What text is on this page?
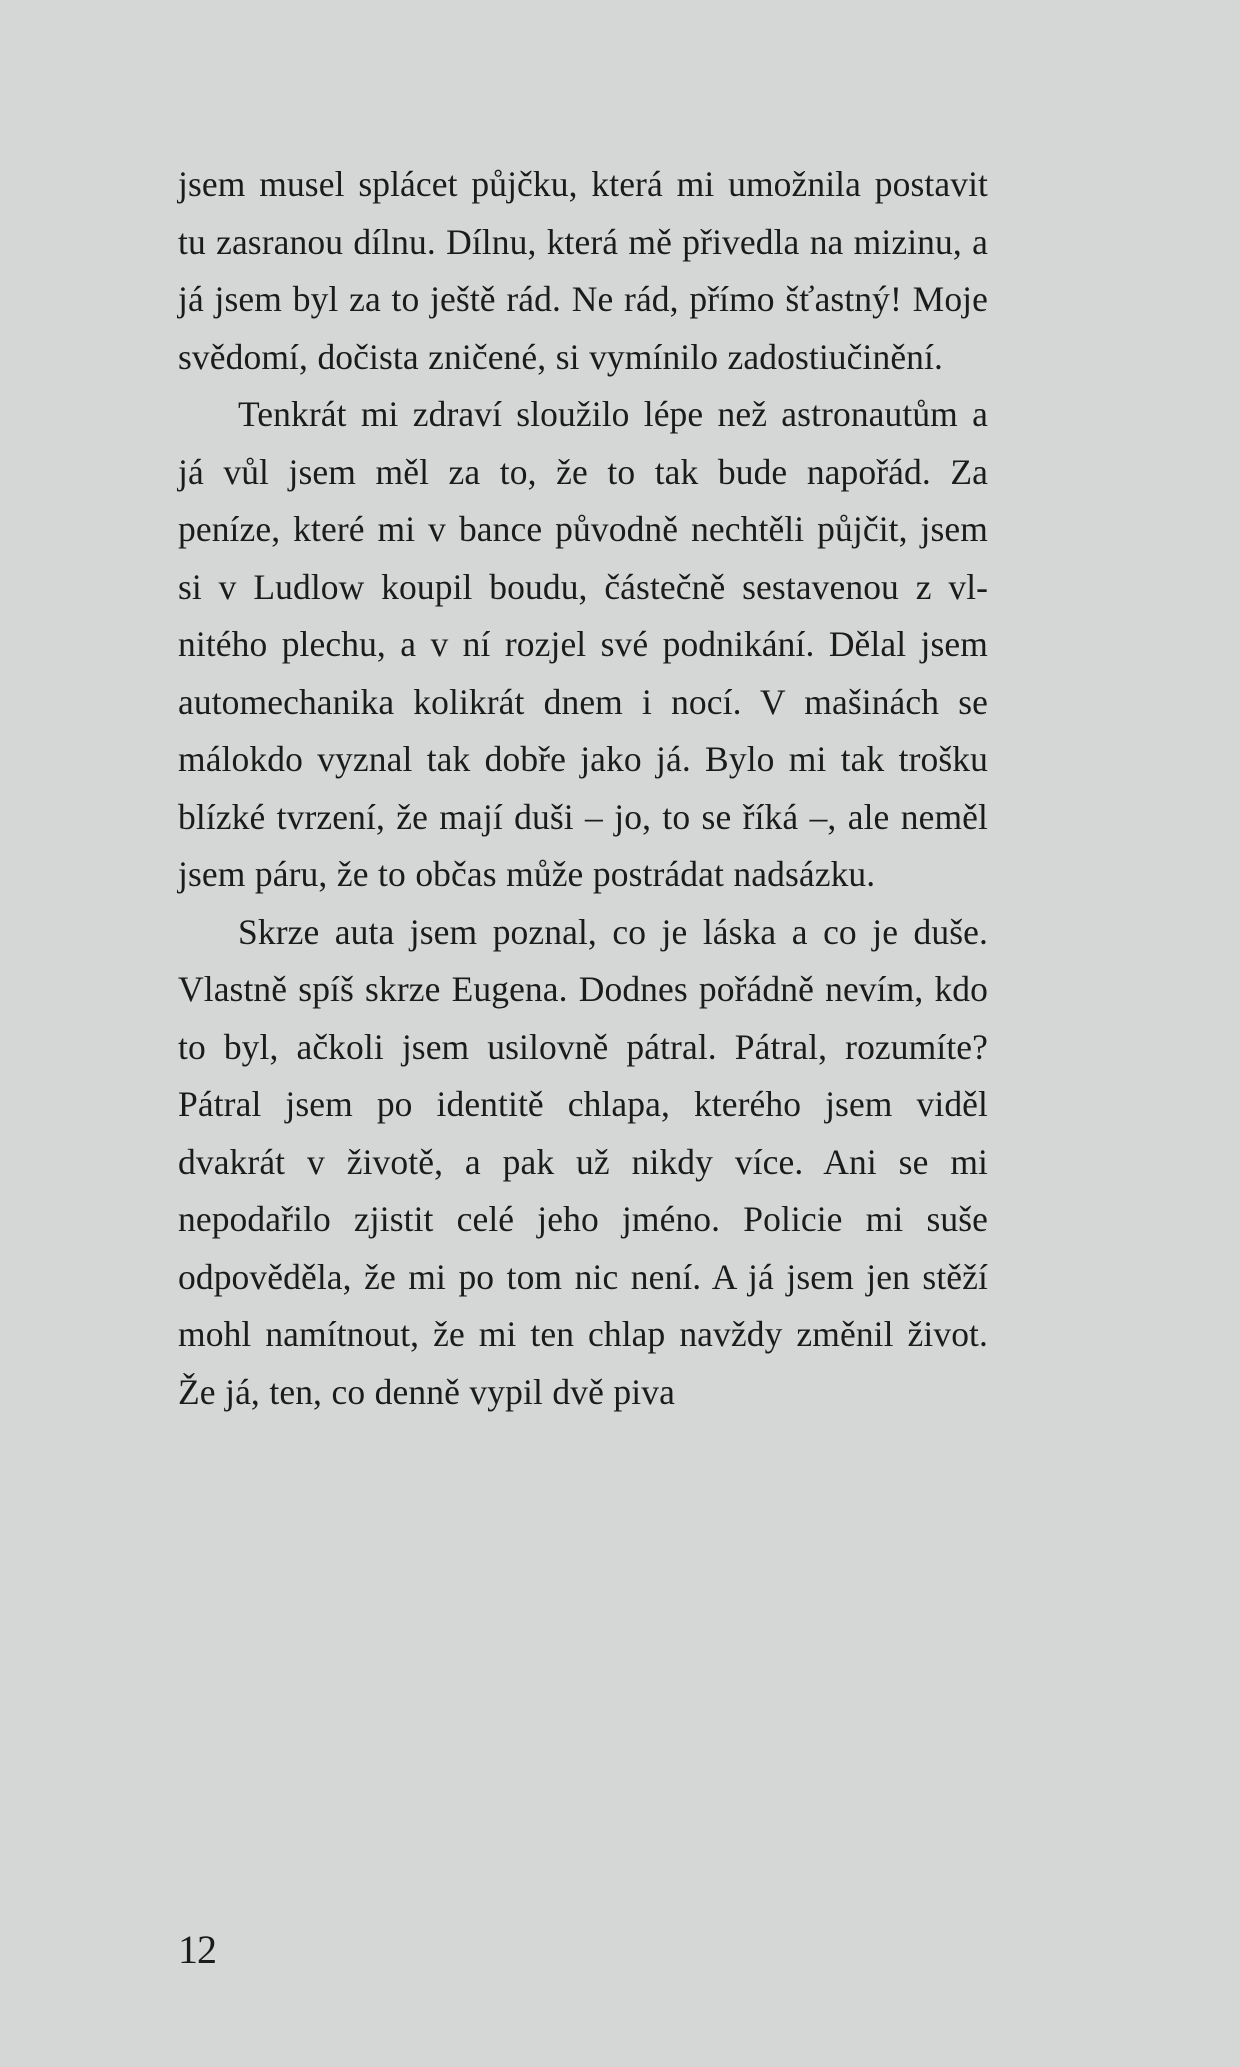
jsem musel splácet půjčku, která mi umožnila postavit tu zasranou dílnu. Dílnu, která mě přivedla na mizinu, a já jsem byl za to ještě rád. Ne rád, přímo šťastný! Moje svědomí, dočista zničené, si vymínilo zadostiučinění.

Tenkrát mi zdraví sloužilo lépe než astronautům a já vůl jsem měl za to, že to tak bude napořád. Za peníze, které mi v bance původně nechtěli půjčit, jsem si v Ludlow koupil boudu, částečně sestavenou z vlnitého plechu, a v ní rozjel své podnikání. Dělal jsem automechanika kolikrát dnem i nocí. V mašinách se málokdo vyznal tak dobře jako já. Bylo mi tak trošku blízké tvrzení, že mají duši – jo, to se říká –, ale neměl jsem páru, že to občas může postrádat nadsázku.

Skrze auta jsem poznal, co je láska a co je duše. Vlastně spíš skrze Eugena. Dodnes pořádně nevím, kdo to byl, ačkoli jsem usilovně pátral. Pátral, rozumíte? Pátral jsem po identitě chlapa, kterého jsem viděl dvakrát v životě, a pak už nikdy více. Ani se mi nepodařilo zjistit celé jeho jméno. Policie mi suše odpověděla, že mi po tom nic není. A já jsem jen stěží mohl namítnout, že mi ten chlap navždy změnil život. Že já, ten, co denně vypil dvě piva

12
